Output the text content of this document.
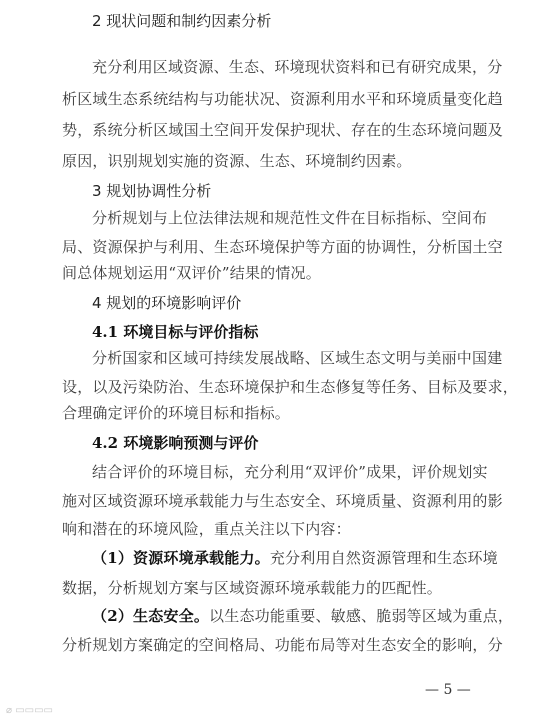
2 现状问题和制约因素分析
充分利用区域资源、生态、环境现状资料和已有研究成果，分
析区域生态系统结构与功能状况、资源利用水平和环境质量变化趋
势，系统分析区域国土空间开发保护现状、存在的生态环境问题及
原因，识别规划实施的资源、生态、环境制约因素。
3 规划协调性分析
分析规划与上位法律法规和规范性文件在目标指标、空间布
局、资源保护与利用、生态环境保护等方面的协调性，分析国土空
间总体规划运用“双评价”结果的情况。
4 规划的环境影响评价
4.1 环境目标与评价指标
分析国家和区域可持续发展战略、区域生态文明与美丽中国建
设，以及污染防治、生态环境保护和生态修复等任务、目标及要求，
合理确定评价的环境目标和指标。
4.2 环境影响预测与评价
结合评价的环境目标，充分利用“双评价”成果，评价规划实
施对区域资源环境承载能力与生态安全、环境质量、资源利用的影
响和潜在的环境风险，重点关注以下内容：
（1）资源环境承载能力。充分利用自然资源管理和生态环境
数据，分析规划方案与区域资源环境承载能力的匹配性。
（2）生态安全。以生态功能重要、敏感、脆弱等区域为重点，
分析规划方案确定的空间格局、功能布局等对生态安全的影响，分
— 5 —
⌀ ▭▭▭▭
